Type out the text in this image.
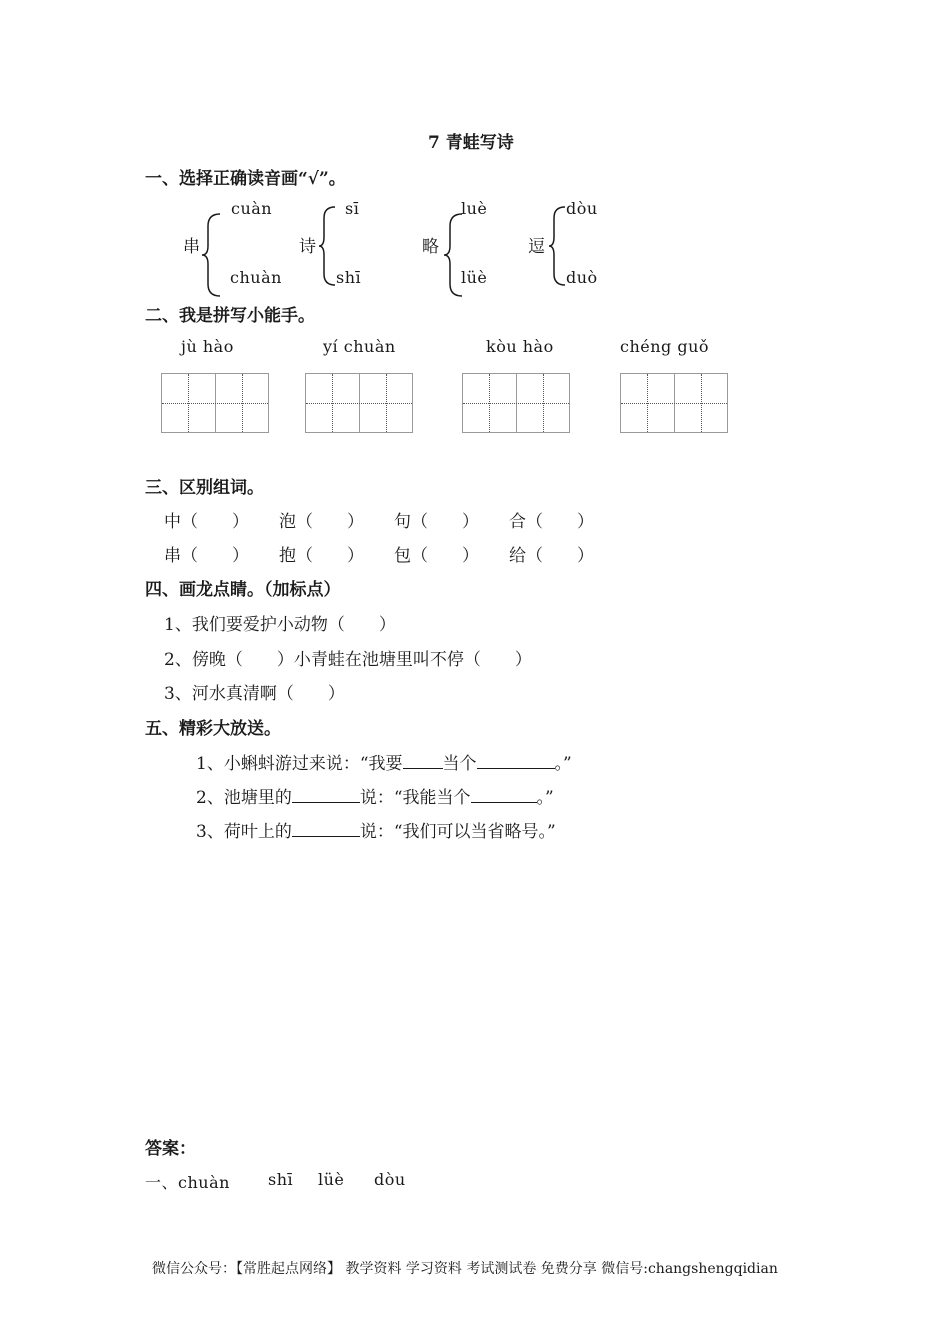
7 青蛙写诗
一、选择正确读音画“√”。
串
cuàn
chuàn
诗
sī
shī
略
luè
lüè
逗
dòu
duò
二、我是拼写小能手。
jù hào	yí chuàn	kòu hào	chéng guǒ
三、区别组词。
中（　　） 泡（　　） 句（　　） 合（　　）
串（　　） 抱（　　） 包（　　） 给（　　）
四、画龙点睛。（加标点）
1、我们要爱护小动物（　　）
2、傍晚（　　）小青蛙在池塘里叫不停（　　）
3、河水真清啊（　　）
五、精彩大放送。
1、小蝌蚪游过来说：“我要 当个	。”
2、池塘里的	说：“我能当个	。”
3、荷叶上的	说：“我们可以当省略号。”
答案：
一、chuàn shī lüè dòu
微信公众号：【常胜起点网络】 教学资料 学习资料 考试测试卷 免费分享 微信号:changshengqidian
